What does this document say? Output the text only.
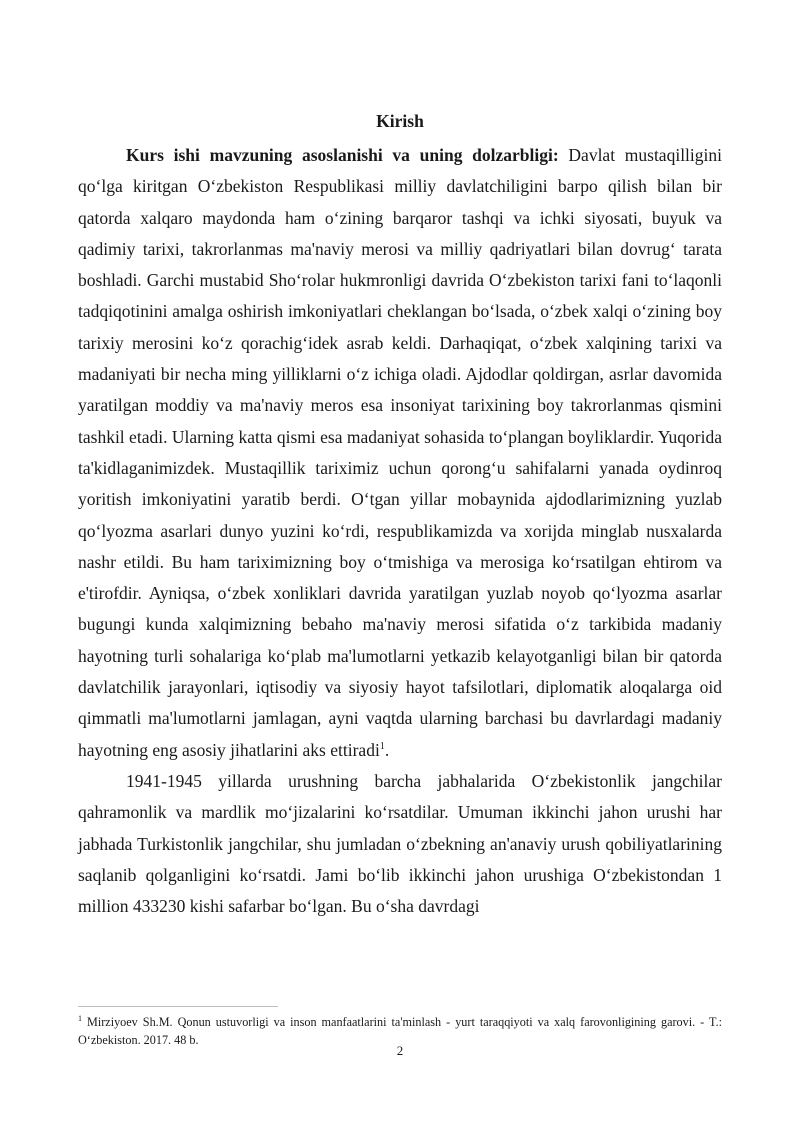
Kirish

Kurs ishi mavzuning asoslanishi va uning dolzarbligi: Davlat mustaqilligini qo‘lga kiritgan O‘zbekiston Respublikasi milliy davlatchiligini barpo qilish bilan bir qatorda xalqaro maydonda ham o‘zining barqaror tashqi va ichki siyosati, buyuk va qadimiy tarixi, takrorlanmas ma'naviy merosi va milliy qadriyatlari bilan dovrug‘ tarata boshladi. Garchi mustabid Sho‘rolar hukmronligi davrida O‘zbekiston tarixi fani to‘laqonli tadqiqotinini amalga oshirish imkoniyatlari cheklangan bo‘lsada, o‘zbek xalqi o‘zining boy tarixiy merosini ko‘z qorachig‘idek asrab keldi. Darhaqiqat, o‘zbek xalqining tarixi va madaniyati bir necha ming yilliklarni o‘z ichiga oladi. Ajdodlar qoldirgan, asrlar davomida yaratilgan moddiy va ma'naviy meros esa insoniyat tarixining boy takrorlanmas qismini tashkil etadi. Ularning katta qismi esa madaniyat sohasida to‘plangan boyliklardir. Yuqorida ta'kidlaganimizdek. Mustaqillik tariximiz uchun qorong‘u sahifalarni yanada oydinroq yoritish imkoniyatini yaratib berdi. O‘tgan yillar mobaynida ajdodlarimizning yuzlab qo‘lyozma asarlari dunyo yuzini ko‘rdi, respublikamizda va xorijda minglab nusxalarda nashr etildi. Bu ham tariximizning boy o‘tmishiga va merosiga ko‘rsatilgan ehtirom va e'tirofdir. Ayniqsa, o‘zbek xonliklari davrida yaratilgan yuzlab noyob qo‘lyozma asarlar bugungi kunda xalqimizning bebaho ma'naviy merosi sifatida o‘z tarkibida madaniy hayotning turli sohalariga ko‘plab ma'lumotlarni yetkazib kelayotganligi bilan bir qatorda davlatchilik jarayonlari, iqtisodiy va siyosiy hayot tafsilotlari, diplomatik aloqalarga oid qimmatli ma'lumotlarni jamlagan, ayni vaqtda ularning barchasi bu davrlardagi madaniy hayotning eng asosiy jihatlarini aks ettiradi$^1$.

1941-1945 yillarda urushning barcha jabhalarida O‘zbekistonlik jangchilar qahramonlik va mardlik mo‘jizalarini ko‘rsatdilar. Umuman ikkinchi jahon urushi har jabhada Turkistonlik jangchilar, shu jumladan o‘zbekning an'anaviy urush qobiliyatlarining saqlanib qolganligini ko‘rsatdi. Jami bo‘lib ikkinchi jahon urushiga O‘zbekistondan 1 million 433230 kishi safarbar bo‘lgan. Bu o‘sha davrdagi

$^1$ Mirziyoev Sh.M. Qonun ustuvorligi va inson manfaatlarini ta'minlash - yurt taraqqiyoti va xalq farovonligining garovi. - T.: O‘zbekiston. 2017. 48 b.
2
